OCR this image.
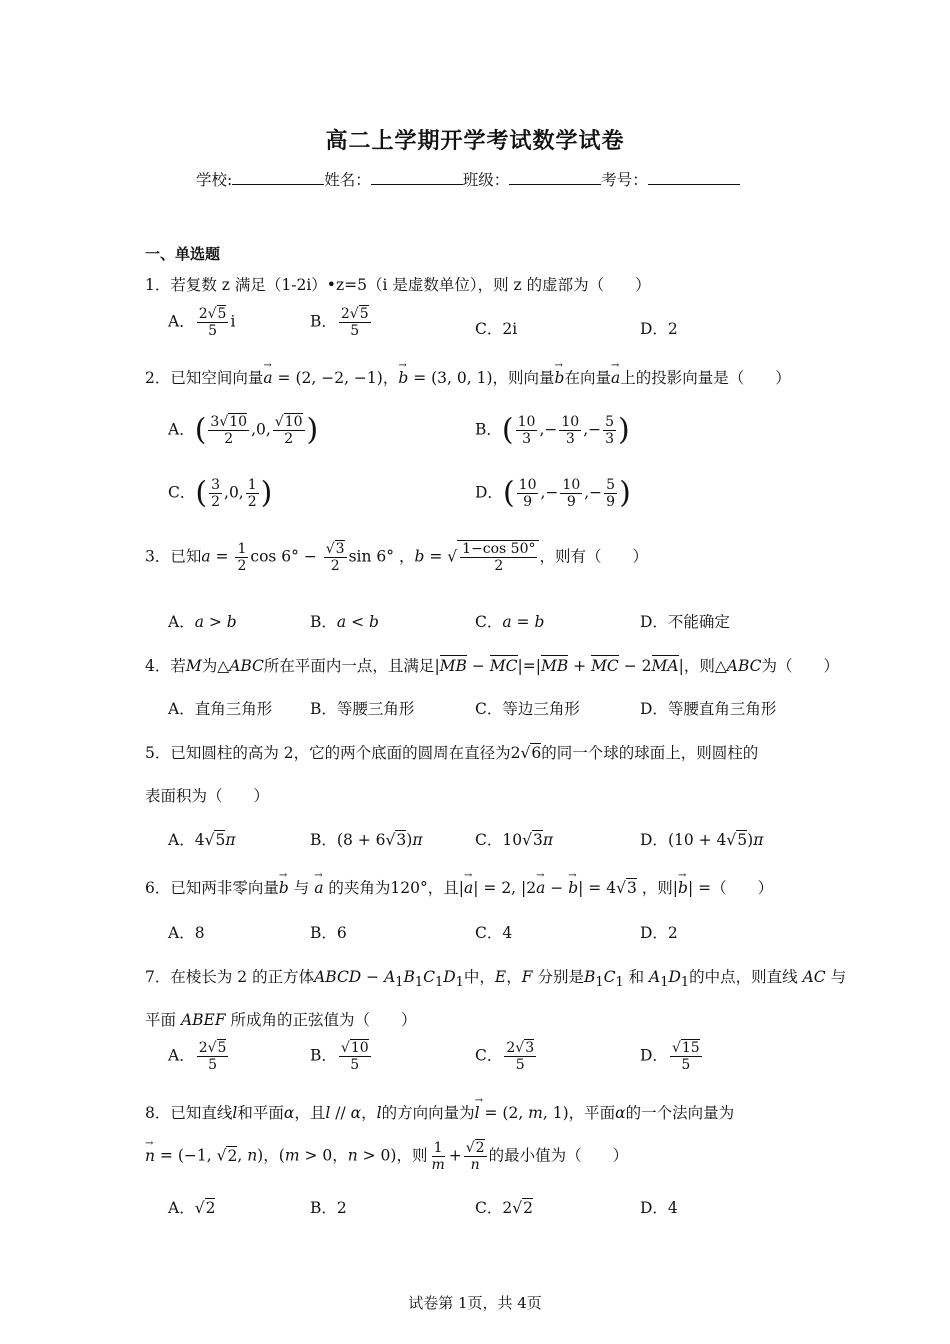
高二上学期开学考试数学试卷
学校:	姓名：	班级：	考号：
一、单选题
1．若复数 z 满足（1-2i）•z=5（i 是虚数单位），则 z 的虚部为（　　）
A． $\frac{2√5}{5}$ i	B． $\frac{2√5}{5}$	C．2i	D．2
2．已知空间向量→ a = (2, −2, −1)，→ b = (3, 0, 1)，则向量→ b在向量→ a上的投影向量是（　　）
A．( $\frac{3√10}{2} ,0$, $\frac{√10}{2}$ )	B．( $\frac{10}{3}$ ,− $\frac{10}{3}$ ,− $\frac{5}{3}$ )
C．( $\frac{3}{2} ,0$, $\frac{1}{2}$ )	D．( $\frac{10}{9}$ ,− $\frac{10}{9}$ ,− $\frac{5}{9}$ )
3．已知$a = \frac{1}{2}$ $\cos 6^\circ - \frac{√3}{2}$ sin 6° ，b = √ $\frac{1-\cos 50^\circ}{2}$ ，则有（　　）
A．a > b	B．a < b	C．a = b	D．不能确定
4．若M为△ABC所在平面内一点，且满足|MB − MC|=|MB + MC − 2MA|，则△ABC为（　　）
A．直角三角形 B．等腰三角形	C．等边三角形	D．等腰直角三角形
5．已知圆柱的高为 2，它的两个底面的圆周在直径为2√6的同一个球的球面上，则圆柱的
表面积为（　　）
A．4√5π	B．(8 + 6√3)π	C．10√3π	D．(10 + 4√5)π
6．已知两非零向量→ b 与 → a 的夹角为120°，且|→ a| = 2, |2→ a − → b| = 4√3 ，则|→ b| =（　　）
A．8	B．6	C．4	D．2
7．在棱长为 2 的正方体ABCD − $A_1B_1C_1D_1$中，E，F 分别是$B_1C_1$ 和 $A_1D_1$的中点，则直线 AC 与
平面 ABEF 所成角的正弦值为（　　）
A． $\frac{2√5}{5}$	B． $\frac{√10}{5}$	C． $\frac{2√3}{5}$	D． $\frac{√15}{5}$
8．已知直线l和平面α，且l // α，l的方向向量为→ l = (2, m, 1)，平面α的一个法向量为
→ n = (−1, √2, n)，(m > 0，n > 0)，则 $\frac{1}{m} + \frac{√2}{n}$ 的最小值为（　　）
A．√2	B．2	C．2√2	D．4
试卷第 1页，共 4页
